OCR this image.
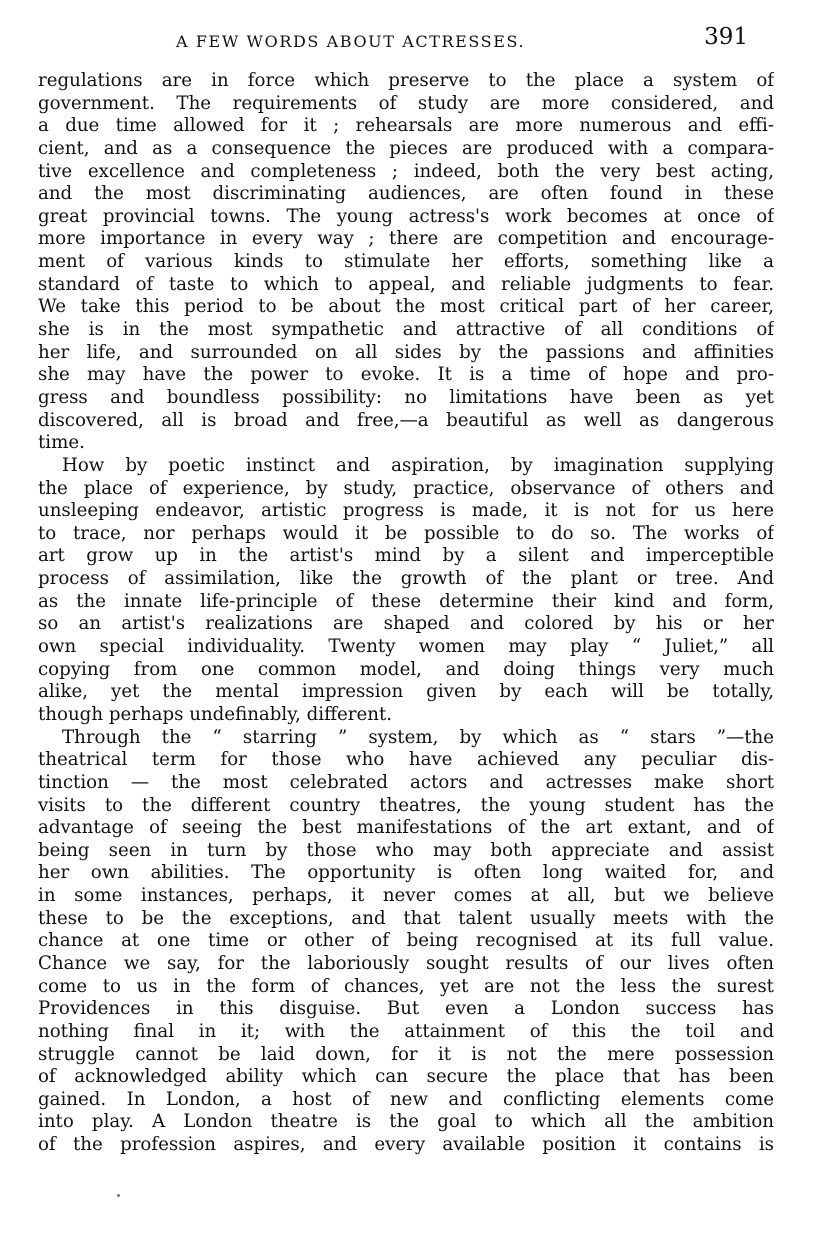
A FEW WORDS ABOUT ACTRESSES.	391
regulations are in force which preserve to the place a system of
government. The requirements of study are more considered, and
a due time allowed for it ; rehearsals are more numerous and effi-
cient, and as a consequence the pieces are produced with a compara-
tive excellence and completeness ; indeed, both the very best acting,
and the most discriminating audiences, are often found in these
great provincial towns. The young actress's work becomes at once of
more importance in every way ; there are competition and encourage-
ment of various kinds to stimulate her efforts, something like a
standard of taste to which to appeal, and reliable judgments to fear.
We take this period to be about the most critical part of her career,
she is in the most sympathetic and attractive of all conditions of
her life, and surrounded on all sides by the passions and affinities
she may have the power to evoke. It is a time of hope and pro-
gress and boundless possibility: no limitations have been as yet
discovered, all is broad and free,—a beautiful as well as dangerous
time.
How by poetic instinct and aspiration, by imagination supplying
the place of experience, by study, practice, observance of others and
unsleeping endeavor, artistic progress is made, it is not for us here
to trace, nor perhaps would it be possible to do so. The works of
art grow up in the artist's mind by a silent and imperceptible
process of assimilation, like the growth of the plant or tree. And
as the innate life-principle of these determine their kind and form,
so an artist's realizations are shaped and colored by his or her
own special individuality. Twenty women may play “ Juliet,” all
copying from one common model, and doing things very much
alike, yet the mental impression given by each will be totally,
though perhaps undefinably, different.
Through the “ starring ” system, by which as “ stars ”—the
theatrical term for those who have achieved any peculiar dis-
tinction — the most celebrated actors and actresses make short
visits to the different country theatres, the young student has the
advantage of seeing the best manifestations of the art extant, and of
being seen in turn by those who may both appreciate and assist
her own abilities. The opportunity is often long waited for, and
in some instances, perhaps, it never comes at all, but we believe
these to be the exceptions, and that talent usually meets with the
chance at one time or other of being recognised at its full value.
Chance we say, for the laboriously sought results of our lives often
come to us in the form of chances, yet are not the less the surest
Providences in this disguise. But even a London success has
nothing final in it; with the attainment of this the toil and
struggle cannot be laid down, for it is not the mere possession
of acknowledged ability which can secure the place that has been
gained. In London, a host of new and conflicting elements come
into play. A London theatre is the goal to which all the ambition
of the profession aspires, and every available position it contains is
